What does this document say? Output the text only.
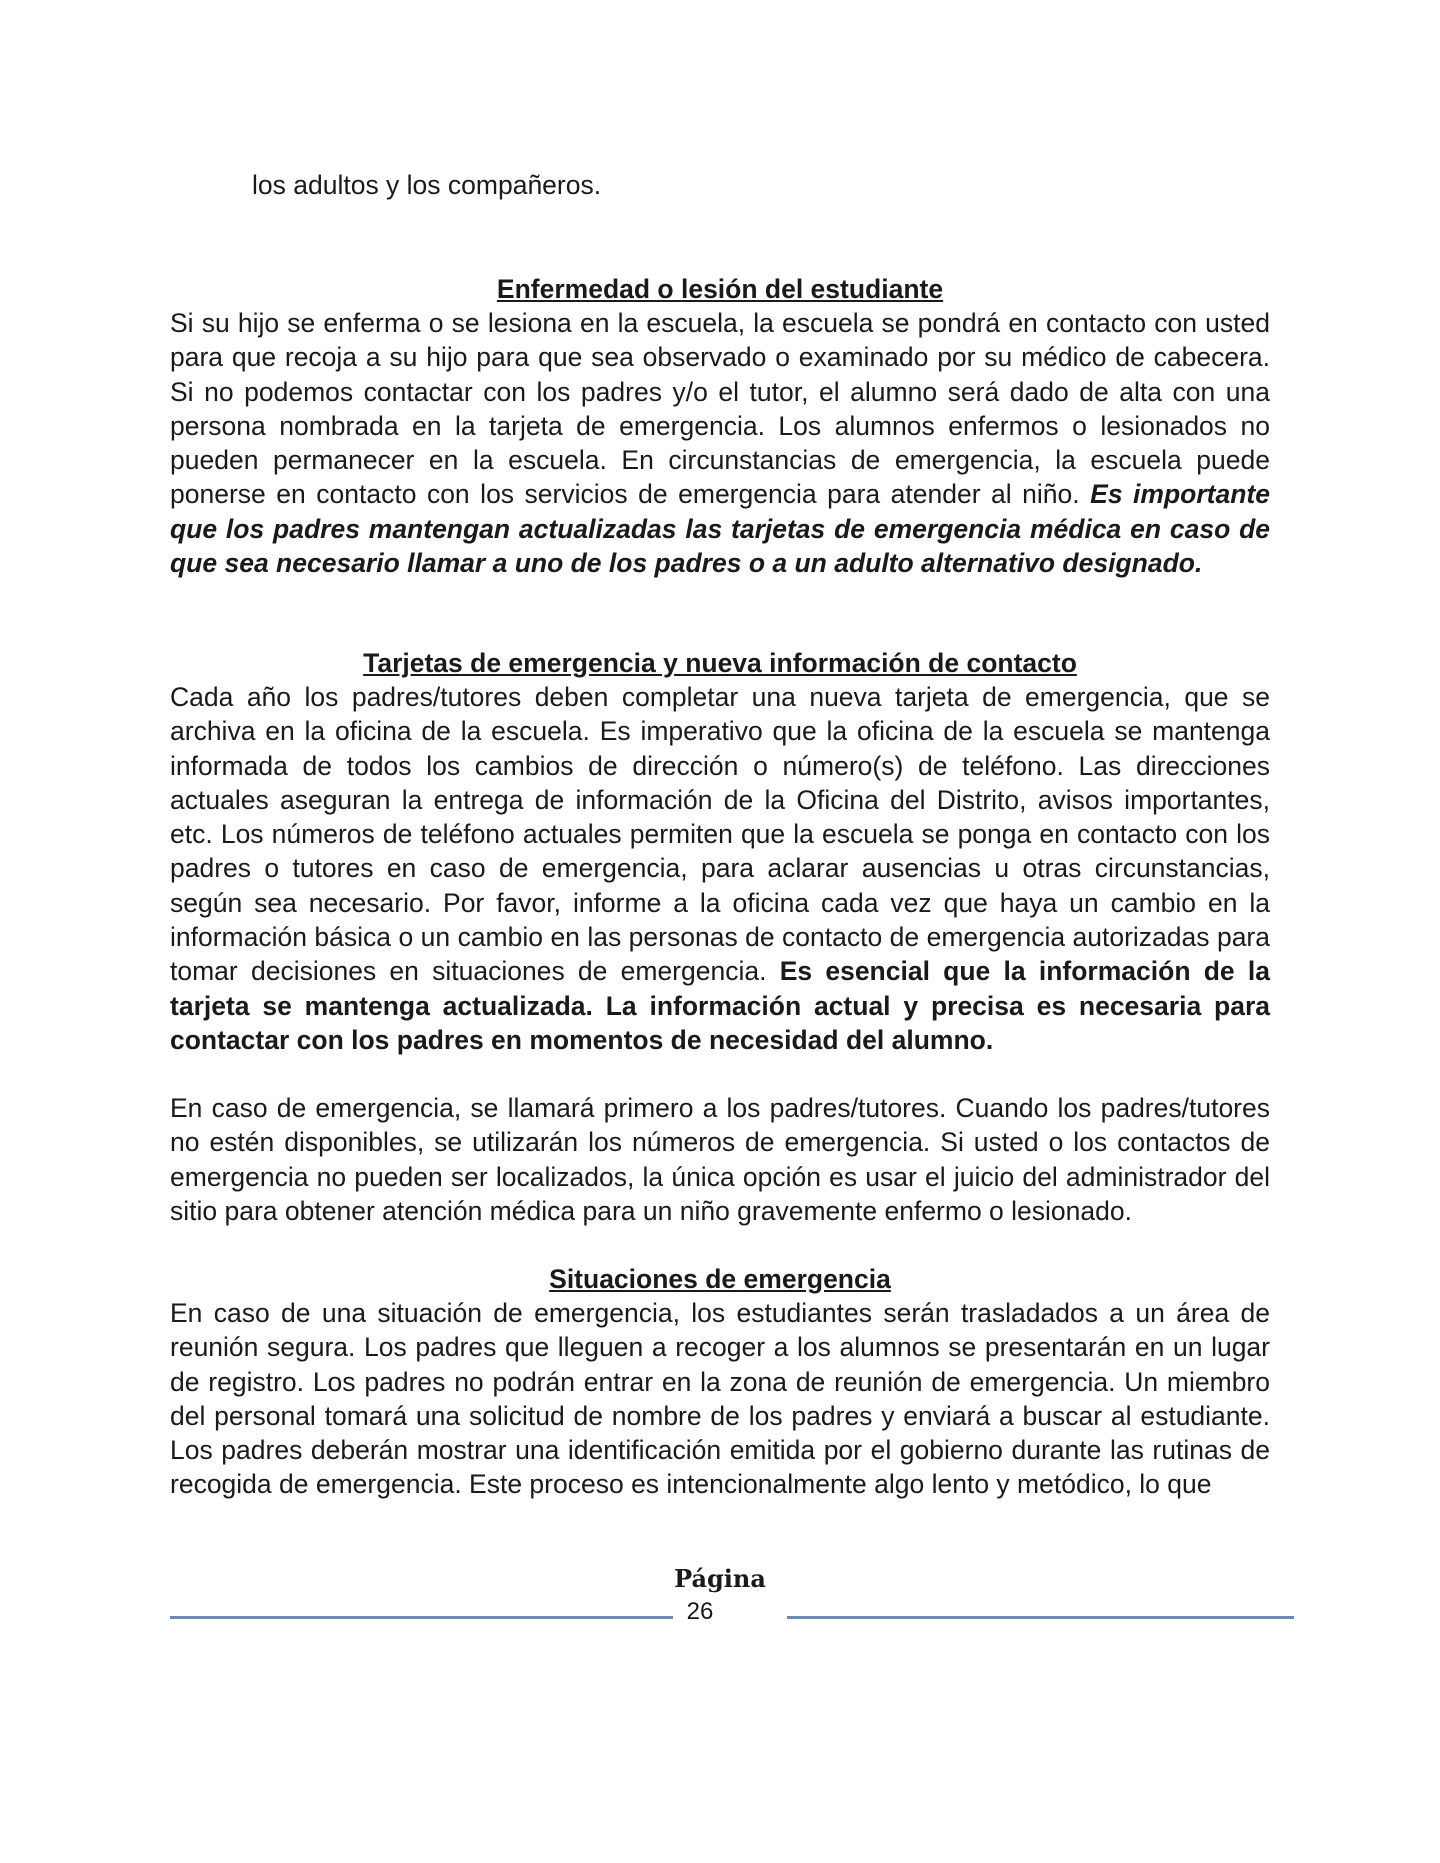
los adultos y los compañeros.

Enfermedad o lesión del estudiante

Si su hijo se enferma o se lesiona en la escuela, la escuela se pondrá en contacto con usted para que recoja a su hijo para que sea observado o examinado por su médico de cabecera. Si no podemos contactar con los padres y/o el tutor, el alumno será dado de alta con una persona nombrada en la tarjeta de emergencia. Los alumnos enfermos o lesionados no pueden permanecer en la escuela. En circunstancias de emergencia, la escuela puede ponerse en contacto con los servicios de emergencia para atender al niño. Es importante que los padres mantengan actualizadas las tarjetas de emergencia médica en caso de que sea necesario llamar a uno de los padres o a un adulto alternativo designado.

Tarjetas de emergencia y nueva información de contacto

Cada año los padres/tutores deben completar una nueva tarjeta de emergencia, que se archiva en la oficina de la escuela. Es imperativo que la oficina de la escuela se mantenga informada de todos los cambios de dirección o número(s) de teléfono. Las direcciones actuales aseguran la entrega de información de la Oficina del Distrito, avisos importantes, etc. Los números de teléfono actuales permiten que la escuela se ponga en contacto con los padres o tutores en caso de emergencia, para aclarar ausencias u otras circunstancias, según sea necesario. Por favor, informe a la oficina cada vez que haya un cambio en la información básica o un cambio en las personas de contacto de emergencia autorizadas para tomar decisiones en situaciones de emergencia. Es esencial que la información de la tarjeta se mantenga actualizada. La información actual y precisa es necesaria para contactar con los padres en momentos de necesidad del alumno.

En caso de emergencia, se llamará primero a los padres/tutores. Cuando los padres/tutores no estén disponibles, se utilizarán los números de emergencia. Si usted o los contactos de emergencia no pueden ser localizados, la única opción es usar el juicio del administrador del sitio para obtener atención médica para un niño gravemente enfermo o lesionado.

Situaciones de emergencia

En caso de una situación de emergencia, los estudiantes serán trasladados a un área de reunión segura. Los padres que lleguen a recoger a los alumnos se presentarán en un lugar de registro. Los padres no podrán entrar en la zona de reunión de emergencia. Un miembro del personal tomará una solicitud de nombre de los padres y enviará a buscar al estudiante. Los padres deberán mostrar una identificación emitida por el gobierno durante las rutinas de recogida de emergencia. Este proceso es intencionalmente algo lento y metódico, lo que

Página
26
